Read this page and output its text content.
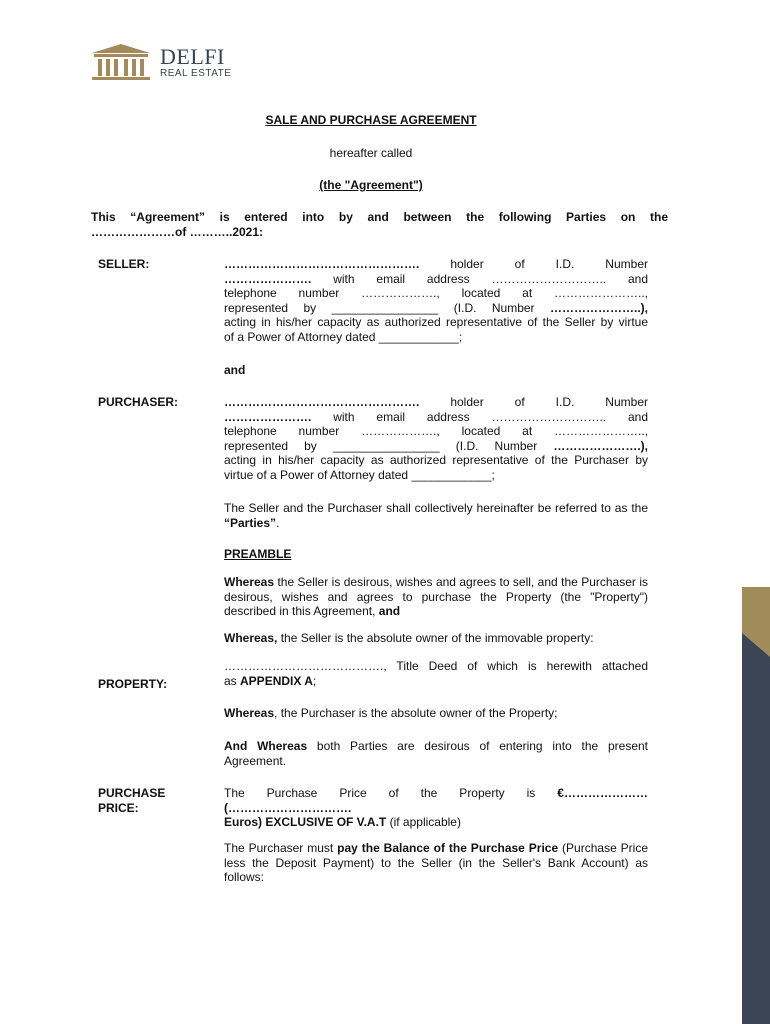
DELFI
REAL ESTATE
SALE AND PURCHASE AGREEMENT
hereafter called
(the "Agreement")
This “Agreement” is entered into by and between the following Parties on the
…………………of ………..2021:
SELLER:	………………………………………….	holder of I.D. Number
…………………. with email address ……………………….. and
telephone number ………………., located at …………………..,
represented by ________________ (I.D. Number …………………..),
acting in his/her capacity as authorized representative of the Seller by virtue
of a Power of Attorney dated ____________;
and
PURCHASER:	………………………………………….	holder of I.D. Number
…………………. with email address ……………………….. and
telephone number ………………., located at …………………..,
represented by ________________ (I.D. Number ………………….),
acting in his/her capacity as authorized representative of the Purchaser by
virtue of a Power of Attorney dated ____________;
The Seller and the Purchaser shall collectively hereinafter be referred to as the “Parties”.
PREAMBLE
Whereas the Seller is desirous, wishes and agrees to sell, and the Purchaser is desirous, wishes and agrees to purchase the Property (the "Property") described in this Agreement, and
Whereas, the Seller is the absolute owner of the immovable property:
PROPERTY:
…………………………………., Title Deed of which is herewith attached
as APPENDIX A;
Whereas, the Purchaser is the absolute owner of the Property;
And Whereas both Parties are desirous of entering into the present Agreement.
PURCHASE
PRICE:
The Purchase Price of the Property is €…………………
(………………………….
Euros) EXCLUSIVE OF V.A.T (if applicable)
The Purchaser must pay the Balance of the Purchase Price (Purchase Price less the Deposit Payment) to the Seller (in the Seller's Bank Account) as follows:
